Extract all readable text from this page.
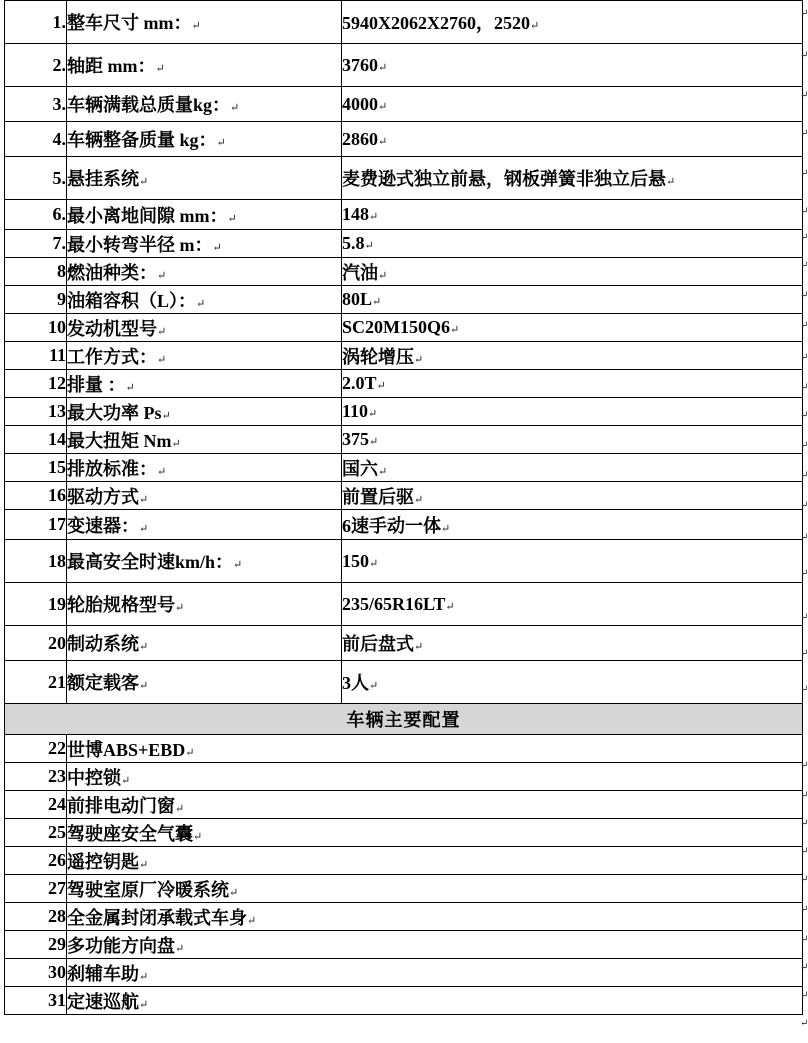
1.	整车尺寸 mm：↵	5940X2062X2760，2520↵
2.	轴距 mm：↵	3760↵
3.	车辆满载总质量kg：↵	4000↵
4.	车辆整备质量 kg：↵	2860↵
5.	悬挂系统↵	麦费逊式独立前悬，钢板弹簧非独立后悬↵
6.	最小离地间隙 mm：↵	148↵
7.	最小转弯半径 m：↵	5.8↵
8	燃油种类：↵	汽油↵
9	油箱容积（L）：↵	80L↵
10	发动机型号↵	SC20M150Q6↵
11	工作方式：↵	涡轮增压↵
12	排量 ：↵	2.0T↵
13	最大功率 Ps↵	110↵
14	最大扭矩 Nm↵	375↵
15	排放标准：↵	国六↵
16	驱动方式↵	前置后驱↵
17	变速器：↵	6速手动一体↵
18	最高安全时速km/h：↵	150↵
19	轮胎规格型号↵	235/65R16LT↵
20	制动系统↵	前后盘式↵
21	额定载客↵	3人↵
车辆主要配置	
22	世博ABS+EBD↵
23	中控锁↵
24	前排电动门窗↵
25	驾驶座安全气囊↵
26	遥控钥匙↵
27	驾驶室原厂冷暖系统↵
28	全金属封闭承载式车身↵
29	多功能方向盘↵
30	刹辅车助↵
31	定速巡航↵
↵
↵
↵
↵
↵
↵
↵
↵
↵
↵
↵
↵
↵
↵
↵
↵
↵
↵
↵
↵
↵
↵
↵
↵
↵
↵
↵
↵
↵
↵
↵
